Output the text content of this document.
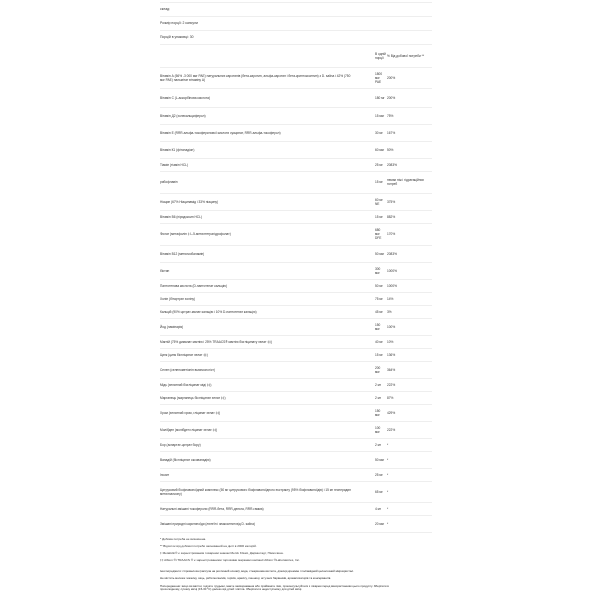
склад:
Розмір порції: 2 капсули
Порцій в упаковці: 30
	В одній порції	% Від добової потреби **
Вітамін А (56% -3 000 мкг РАЕ) натуральних каротинів (бета-каротин, альфа-каротин і бета-криптоксантин) з D. salina і 42% (750 мкг РАЕ) пальмітат вітаміну А)	1800 мкг РАЕ	200%
Вітамін С (L-аскорбінова кислота)	180 мг	200%
Вітамін Д2 (холекальциферол)	15 мкг	75%
Вітамін Е (RRR-альфа-токоферилової кислоти сукцинат, RRR-альфа-токоферол)	30 мг	167%
Вітамін К1 (фітонадіон)	60 мкг	50%
Тіамін (тіамін HCL)	25 мг	2083%
рибофлавін	15 мг	немає ніж і гідратаційних потреб
Ніацин (67% Ніацинамід і 33% ніацину)	60 мг NE	375%
Вітамін В6 (піридоксин HCL)	15 мг	882%
Фолат (метафолін ‡ L-5-метилтетрагідрофолат)	680 мкг DFE	170%
Вітамін В12 (метилкобаламін)	50 мкг	2083%
біотин	300 мкг	1000%
Пантотенова кислота (D-пантотенат кальцію)	50 мг	1000%
Холін (бітартрат холіну)	75 мг	14%
Кальцій (90% цитрат-малат кальцію і 10% D-пантотенат кальцію)	45 мг	3%
Йод (ламінарія)	150 мкг	100%
Магній (75% дималат магнію і 25% TRAACS® магнію бісгліцинату хелат ‡‡)	40 мг	10%
Цинк (цинк бісгліцинат хелат ‡‡)	15 мг	136%
Селен (селенометіонін вьюнкологіст)	200 мкг	364%
Мідь (хелатний бісгліцинат міді ‡‡)	2 мг	222%
Марганець (марганець бісгліцинат хелат ‡‡)	2 мг	87%
Хром (хелатний хром, гліцинат хелат ‡‡)	150 мкг	429%
Молібден (молібден гліцинат хелат ‡‡)	100 мкг	222%
Бор (аспартат-цитрат бору)	2 мг	*
Ванадій (бісгліцинат оксованадію)	50 мкг	*
Інозит	25 мг	*
Цитрусовий біофлавоноїдний комплекс (50 мг цитрусового біофлавоноїдного екстракту (95% біофлавоноїдів) і 15 мг гесперидин метилхалкону)	65 мг	*
Натуральні змішані токофероли (RRR-бета, RRR-дельта, RRR-гамма)	4 мг	*
Змішані природні каротиноїди (лютеїн і зеаксантин від D. salina)	20 мкг	*
* Добова потреба не визначена.
** Відсоток від добової потреби заснований на дієті в 2000 калорій.
‡ Metafolin® є зареєстрованим товарним знаком Merck KGaA, Дармштадт, Німеччина.
‡‡ Albion ®і TRAACS ® є зареєстрованими торговими марками компанії Albion ®Laboratories, Inc.

Інші інгредієнти: гіпромелоза (капсула на рослинній основі), вода, стеаринова кислота, діоксид кремнію і поліамідний целюлозний мікрокристал.

Не містить молока і казеїну, яєць, риби молюсків, горіхів, арахісу, пшениці, штучних барвників, ароматизаторів та консервантів.

Попередження: якщо ви вагітні, годуєте грудьми, маєте захворювання або приймаєте ліки, проконсультуйтеся з лікарем перед використанням цього продукту. Зберігати в прохолодному, сухому місці (15-30 °C) далеко від дітей і світла. Зберігати в недоступному для дітей місці.
